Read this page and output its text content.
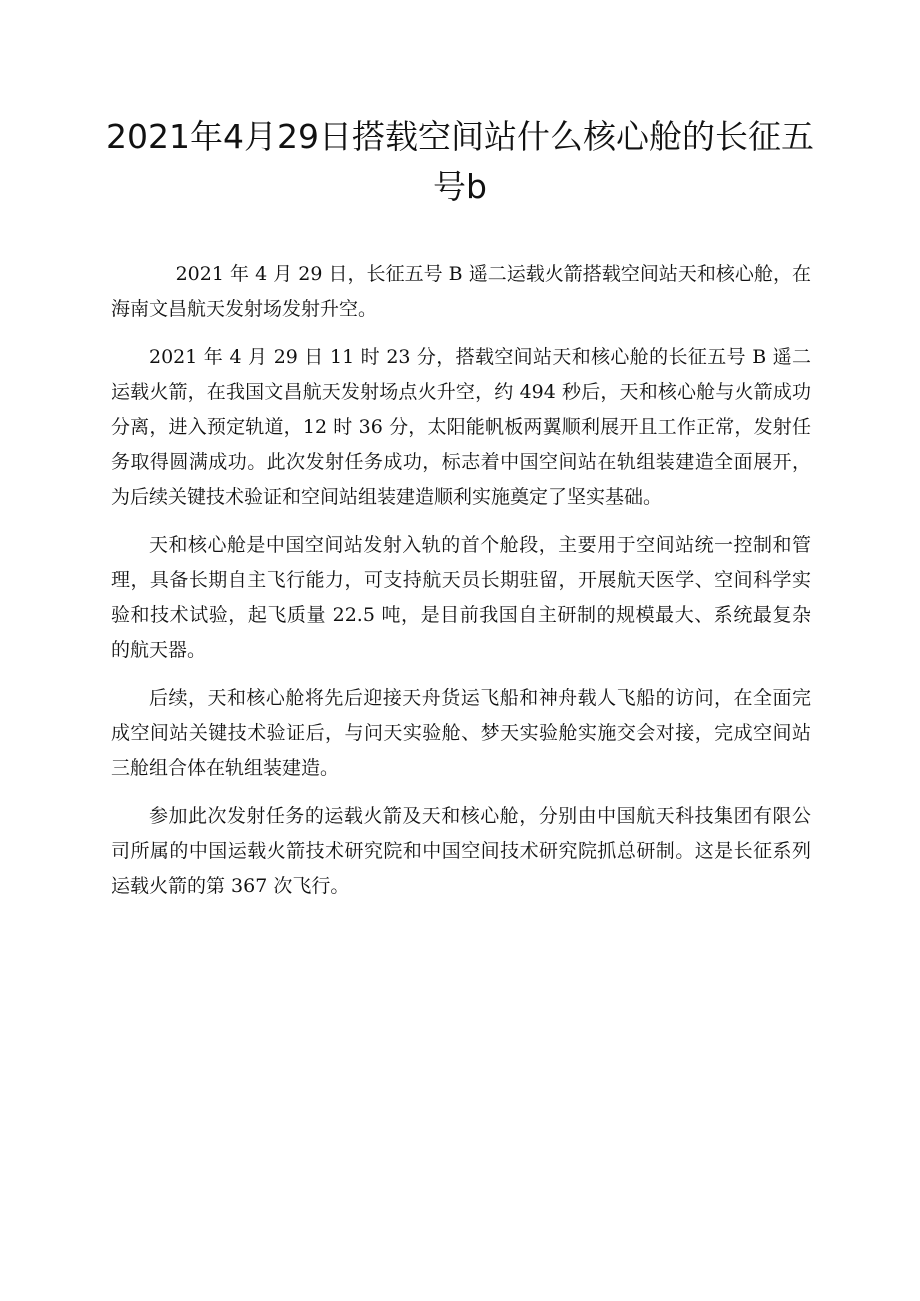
2021年4月29日搭载空间站什么核心舱的长征五号b

2021 年 4 月 29 日，长征五号 B 遥二运载火箭搭载空间站天和核心舱，在海南文昌航天发射场发射升空。

2021 年 4 月 29 日 11 时 23 分，搭载空间站天和核心舱的长征五号 B 遥二运载火箭，在我国文昌航天发射场点火升空，约 494 秒后，天和核心舱与火箭成功分离，进入预定轨道，12 时 36 分，太阳能帆板两翼顺利展开且工作正常，发射任务取得圆满成功。此次发射任务成功，标志着中国空间站在轨组装建造全面展开，为后续关键技术验证和空间站组装建造顺利实施奠定了坚实基础。

天和核心舱是中国空间站发射入轨的首个舱段，主要用于空间站统一控制和管理，具备长期自主飞行能力，可支持航天员长期驻留，开展航天医学、空间科学实验和技术试验，起飞质量 22.5 吨，是目前我国自主研制的规模最大、系统最复杂的航天器。

后续，天和核心舱将先后迎接天舟货运飞船和神舟载人飞船的访问，在全面完成空间站关键技术验证后，与问天实验舱、梦天实验舱实施交会对接，完成空间站三舱组合体在轨组装建造。

参加此次发射任务的运载火箭及天和核心舱，分别由中国航天科技集团有限公司所属的中国运载火箭技术研究院和中国空间技术研究院抓总研制。这是长征系列运载火箭的第 367 次飞行。
